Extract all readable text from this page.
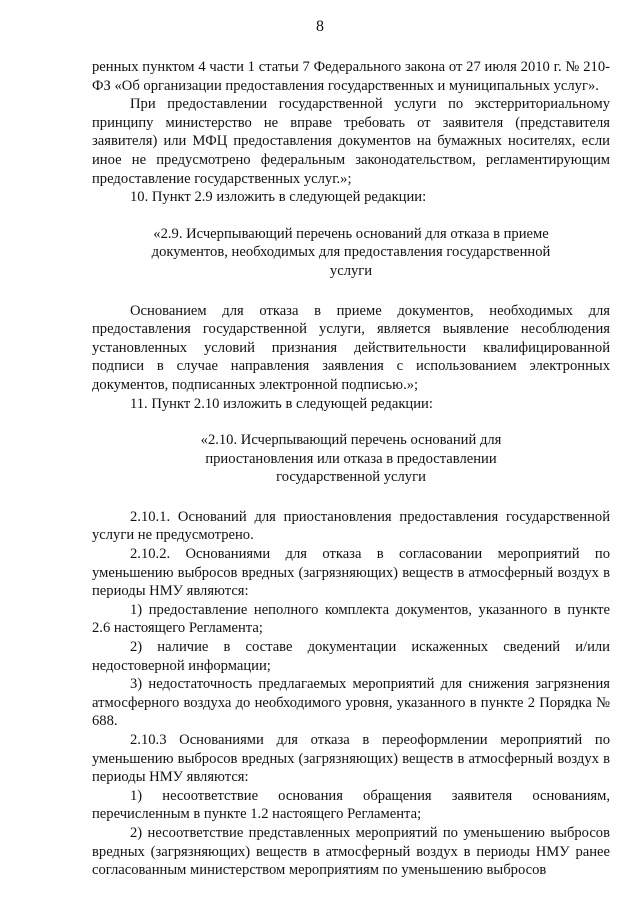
8

ренных пунктом 4 части 1 статьи 7 Федерального закона от 27 июля 2010 г. № 210-ФЗ «Об организации предоставления государственных и муниципальных услуг».

При предоставлении государственной услуги по экстерриториальному принципу министерство не вправе требовать от заявителя (представителя заявителя) или МФЦ предоставления документов на бумажных носителях, если иное не предусмотрено федеральным законодательством, регламентирующим предоставление государственных услуг.»;

10. Пункт 2.9 изложить в следующей редакции:

«2.9. Исчерпывающий перечень оснований для отказа в приеме документов, необходимых для предоставления государственной услуги

Основанием для отказа в приеме документов, необходимых для предоставления государственной услуги, является выявление несоблюдения установленных условий признания действительности квалифицированной подписи в случае направления заявления с использованием электронных документов, подписанных электронной подписью.»;

11. Пункт 2.10 изложить в следующей редакции:

«2.10. Исчерпывающий перечень оснований для приостановления или отказа в предоставлении государственной услуги

2.10.1. Оснований для приостановления предоставления государственной услуги не предусмотрено.

2.10.2. Основаниями для отказа в согласовании мероприятий по уменьшению выбросов вредных (загрязняющих) веществ в атмосферный воздух в периоды НМУ являются:

1) предоставление неполного комплекта документов, указанного в пункте 2.6 настоящего Регламента;

2) наличие в составе документации искаженных сведений и/или недостоверной информации;

3) недостаточность предлагаемых мероприятий для снижения загрязнения атмосферного воздуха до необходимого уровня, указанного в пункте 2 Порядка № 688.

2.10.3 Основаниями для отказа в переоформлении мероприятий по уменьшению выбросов вредных (загрязняющих) веществ в атмосферный воздух в периоды НМУ являются:

1) несоответствие основания обращения заявителя основаниям, перечисленным в пункте 1.2 настоящего Регламента;

2) несоответствие представленных мероприятий по уменьшению выбросов вредных (загрязняющих) веществ в атмосферный воздух в периоды НМУ ранее согласованным министерством мероприятиям по уменьшению выбросов
